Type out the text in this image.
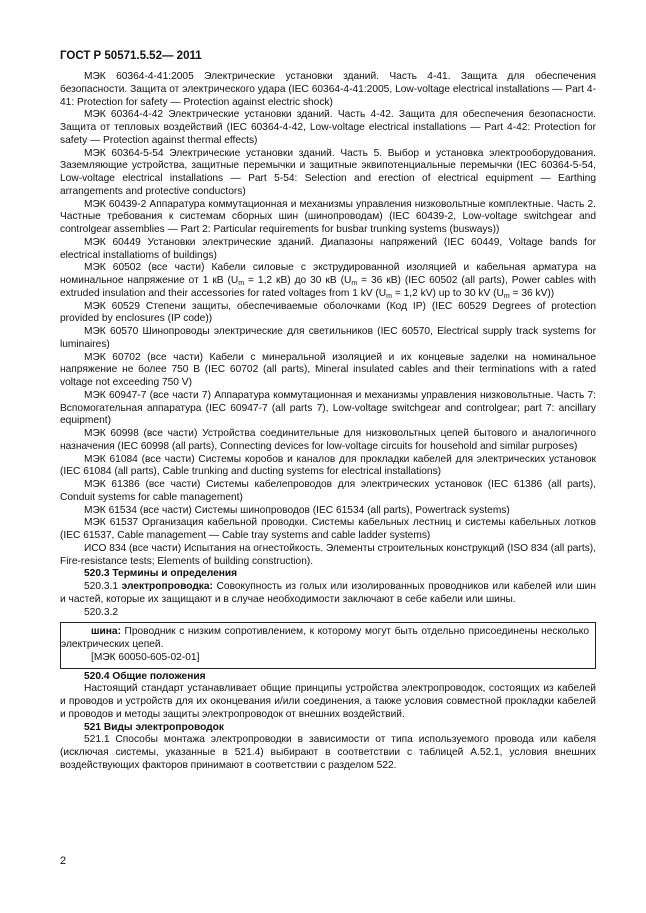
ГОСТ Р 50571.5.52— 2011

МЭК 60364-4-41:2005 Электрические установки зданий. Часть 4-41. Защита для обеспечения безопасности. Защита от электрического удара (IEC 60364-4-41:2005, Low-voltage electrical installations — Part 4-41: Protection for safety — Protection against electric shock)

МЭК 60364-4-42 Электрические установки зданий. Часть 4-42. Защита для обеспечения безопасности. Защита от тепловых воздействий (IEC 60364-4-42, Low-voltage electrical installations — Part 4-42: Protection for safety — Protection against thermal effects)

МЭК 60364-5-54 Электрические установки зданий. Часть 5. Выбор и установка электрооборудования. Заземляющие устройства, защитные перемычки и защитные эквипотенциальные перемычки (IEC 60364-5-54, Low-voltage electrical installations — Part 5-54: Selection and erection of electrical equipment — Earthing arrangements and protective conductors)

МЭК 60439-2 Аппаратура коммутационная и механизмы управления низковольтные комплектные. Часть 2. Частные требования к системам сборных шин (шинопроводам) (IEC 60439-2, Low-voltage switchgear and controlgear assemblies — Part 2: Particular requirements for busbar trunking systems (busways))

МЭК 60449 Установки электрические зданий. Диапазоны напряжений (IEC 60449, Voltage bands for electrical installatioms of buildings)

МЭК 60502 (все части) Кабели силовые с экструдированной изоляцией и кабельная арматура на номинальное напряжение от 1 кВ ($U_m = 1,2$ кВ) до 30 кВ ($U_m = 36$ кВ) (IEC 60502 (all parts), Power cables with extruded insulation and their accessories for rated voltages from 1 kV ($U_m = 1,2$ kV) up to 30 kV ($U_m = 36$ kV))

МЭК 60529 Степени защиты, обеспечиваемые оболочками (Код IP) (IEC 60529 Degrees of protection provided by enclosures (IP code))

МЭК 60570 Шинопроводы электрические для светильников (IEC 60570, Electrical supply track systems for luminaires)

МЭК 60702 (все части) Кабели с минеральной изоляцией и их концевые заделки на номинальное напряжение не более 750 В (IEC 60702 (all parts), Mineral insulated cables and their terminations with a rated voltage not exceeding 750 V)

МЭК 60947-7 (все части 7) Аппаратура коммутационная и механизмы управления низковольтные. Часть 7: Вспомогательная аппаратура (IEC 60947-7 (all parts 7), Low-voltage switchgear and controlgear; part 7: ancillary equipment)

МЭК 60998 (все части) Устройства соединительные для низковольтных цепей бытового и аналогичного назначения (IEC 60998 (all parts), Connecting devices for low-voltage circuits for household and similar purposes)

МЭК 61084 (все части) Системы коробов и каналов для прокладки кабелей для электрических установок (IEC 61084 (all parts), Cable trunking and ducting systems for electrical installations)

МЭК 61386 (все части) Системы кабелепроводов для электрических установок (IEC 61386 (all parts), Conduit systems for cable management)

МЭК 61534 (все части) Системы шинопроводов (IEC 61534 (all parts), Powertrack systems)

МЭК 61537 Организация кабельной проводки. Системы кабельных лестниц и системы кабельных лотков (IEC 61537, Cable management — Cable tray systems and cable ladder systems)

ИСО 834 (все части) Испытания на огнестойкость. Элементы строительных конструкций (ISO 834 (all parts), Fire-resistance tests; Elements of building construction).

520.3 Термины и определения

520.3.1 электропроводка: Совокупность из голых или изолированных проводников или кабелей или шин и частей, которые их защищают и в случае необходимости заключают в себе кабели или шины.

520.3.2

шина: Проводник с низким сопротивлением, к которому могут быть отдельно присоединены несколько электрических цепей.

[МЭК 60050-605-02-01]

520.4 Общие положения

Настоящий стандарт устанавливает общие принципы устройства электропроводок, состоящих из кабелей и проводов и устройств для их оконцевания и/или соединения, а также условия совместной прокладки кабелей и проводов и методы защиты электропроводок от внешних воздействий.

521 Виды электропроводок

521.1 Способы монтажа электропроводки в зависимости от типа используемого провода или кабеля (исключая системы, указанные в 521.4) выбирают в соответствии с таблицей А.52.1, условия внешних воздействующих факторов принимают в соответствии с разделом 522.

2
